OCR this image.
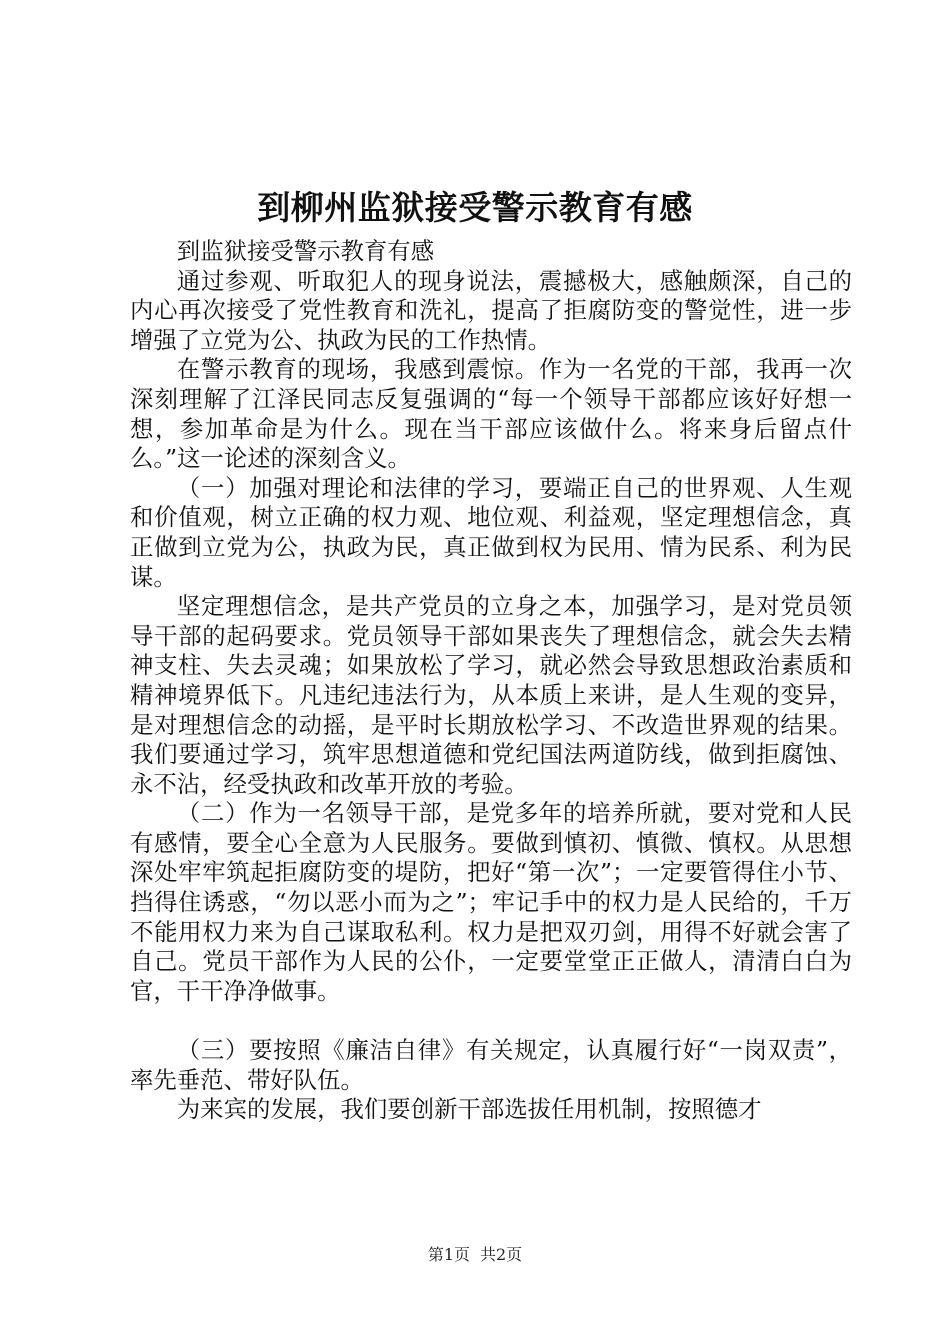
到柳州监狱接受警示教育有感

到监狱接受警示教育有感

通过参观、听取犯人的现身说法，震撼极大，感触颇深，自己的内心再次接受了党性教育和洗礼，提高了拒腐防变的警觉性，进一步增强了立党为公、执政为民的工作热情。

在警示教育的现场，我感到震惊。作为一名党的干部，我再一次深刻理解了江泽民同志反复强调的“每一个领导干部都应该好好想一想，参加革命是为什么。现在当干部应该做什么。将来身后留点什么。”这一论述的深刻含义。

（一）加强对理论和法律的学习，要端正自己的世界观、人生观和价值观，树立正确的权力观、地位观、利益观，坚定理想信念，真正做到立党为公，执政为民，真正做到权为民用、情为民系、利为民谋。

坚定理想信念，是共产党员的立身之本，加强学习，是对党员领导干部的起码要求。党员领导干部如果丧失了理想信念，就会失去精神支柱、失去灵魂；如果放松了学习，就必然会导致思想政治素质和精神境界低下。凡违纪违法行为，从本质上来讲，是人生观的变异，是对理想信念的动摇，是平时长期放松学习、不改造世界观的结果。我们要通过学习，筑牢思想道德和党纪国法两道防线，做到拒腐蚀、永不沾，经受执政和改革开放的考验。

（二）作为一名领导干部，是党多年的培养所就，要对党和人民有感情，要全心全意为人民服务。要做到慎初、慎微、慎权。从思想深处牢牢筑起拒腐防变的堤防，把好“第一次”；一定要管得住小节、挡得住诱惑，“勿以恶小而为之”；牢记手中的权力是人民给的，千万不能用权力来为自己谋取私利。权力是把双刃剑，用得不好就会害了自己。党员干部作为人民的公仆，一定要堂堂正正做人，清清白白为官，干干净净做事。

（三）要按照《廉洁自律》有关规定，认真履行好“一岗双责”，率先垂范、带好队伍。

为来宾的发展，我们要创新干部选拔任用机制，按照德才

第1页 共2页
